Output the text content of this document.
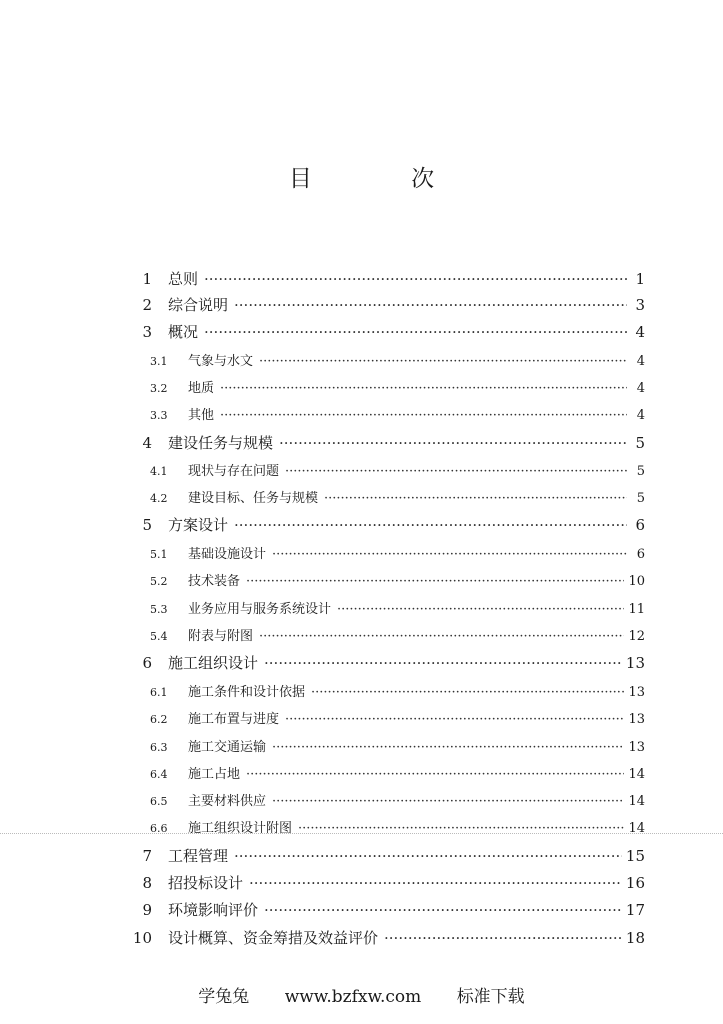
目 次
1 总则 ·····	1
2 综合说明 ·····	3
3 概况 ·····	4
3.1	气象与水文 ·····	4
3.2	地质 ·····	4
3.3	其他 ·····	4
4 建设任务与规模 ·····	5
4.1	现状与存在问题 ·····	5
4.2	建设目标、任务与规模 ·····	5
5 方案设计 ·····	6
5.1	基础设施设计 ·····	6
5.2	技术装备 ·····	10
5.3	业务应用与服务系统设计 ·····	11
5.4	附表与附图 ·····	12
6 施工组织设计 ·····	13
6.1	施工条件和设计依据 ·····	13
6.2	施工布置与进度 ·····	13
6.3	施工交通运输 ·····	13
6.4	施工占地 ·····	14
6.5	主要材料供应 ·····	14
6.6	施工组织设计附图 ·····	14
7 工程管理 ·····	15
8 招投标设计 ·····	16
9 环境影响评价 ·····	17
10 设计概算、资金筹措及效益评价 ·····	18
学兔兔 www.bzfxw.com 标准下载
